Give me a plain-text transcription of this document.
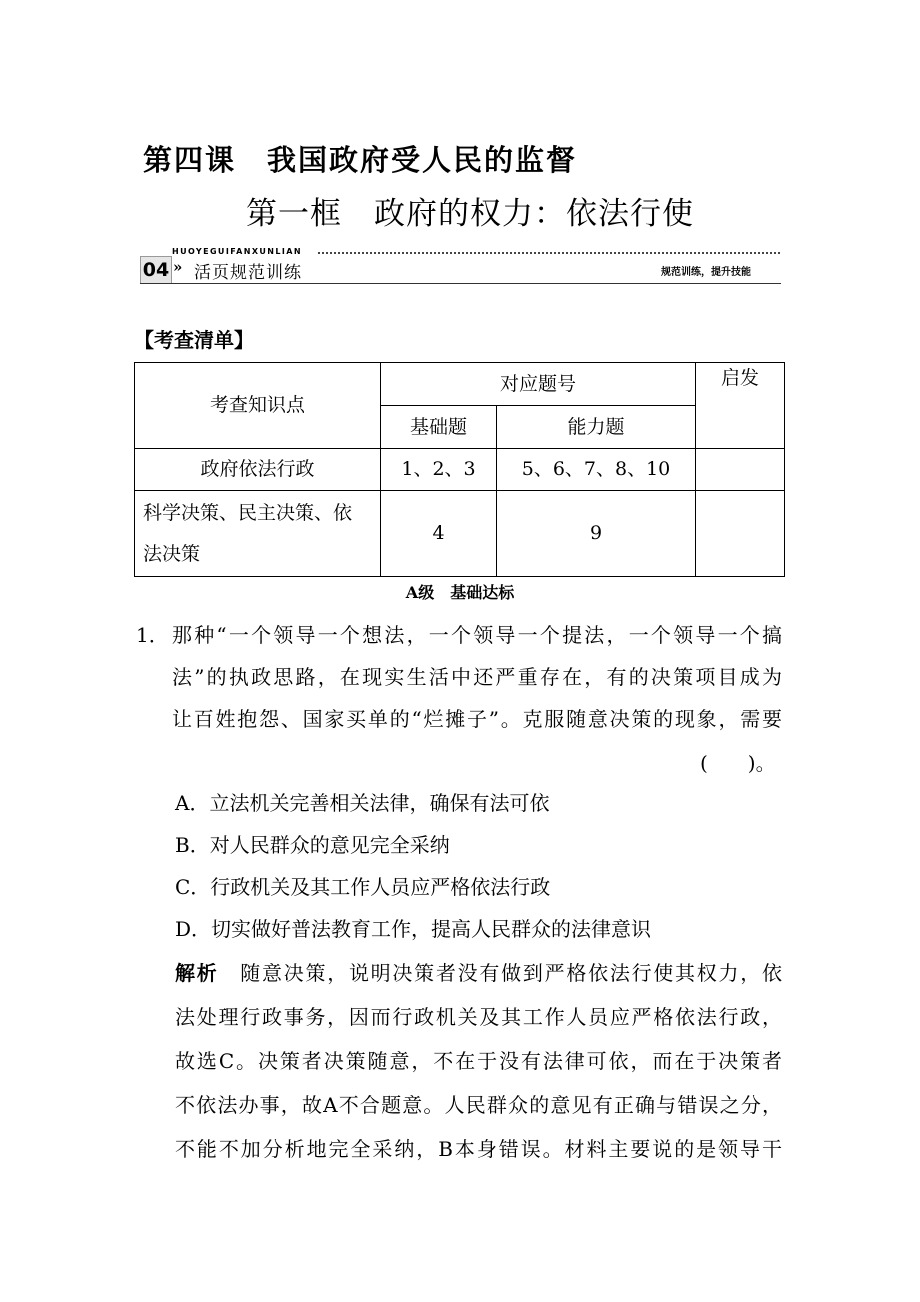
第四课　我国政府受人民的监督
第一框　政府的权力：依法行使
HUOYEGUIFANXUNLIAN
04 » 活页规范训练	规范训练，提升技能
【考查清单】
考查知识点	对应题号		启发
	基础题	能力题	
政府依法行政	1、2、3	5、6、7、8、10	
科学决策、民主决策、依
法决策	4	9	
A级　基础达标
1． 那种“一个领导一个想法，一个领导一个提法，一个领导一个搞
法”的执政思路，在现实生活中还严重存在，有的决策项目成为
让百姓抱怨、国家买单的“烂摊子”。克服随意决策的现象，需要
(　　)。
A．立法机关完善相关法律，确保有法可依
B．对人民群众的意见完全采纳
C．行政机关及其工作人员应严格依法行政
D．切实做好普法教育工作，提高人民群众的法律意识
解析　 随意决策，说明决策者没有做到严格依法行使其权力，依
法处理行政事务，因而行政机关及其工作人员应严格依法行政，
故选C。决策者决策随意，不在于没有法律可依，而在于决策者
不依法办事，故A不合题意。人民群众的意见有正确与错误之分，
不能不加分析地完全采纳，B本身错误。材料主要说的是领导干
